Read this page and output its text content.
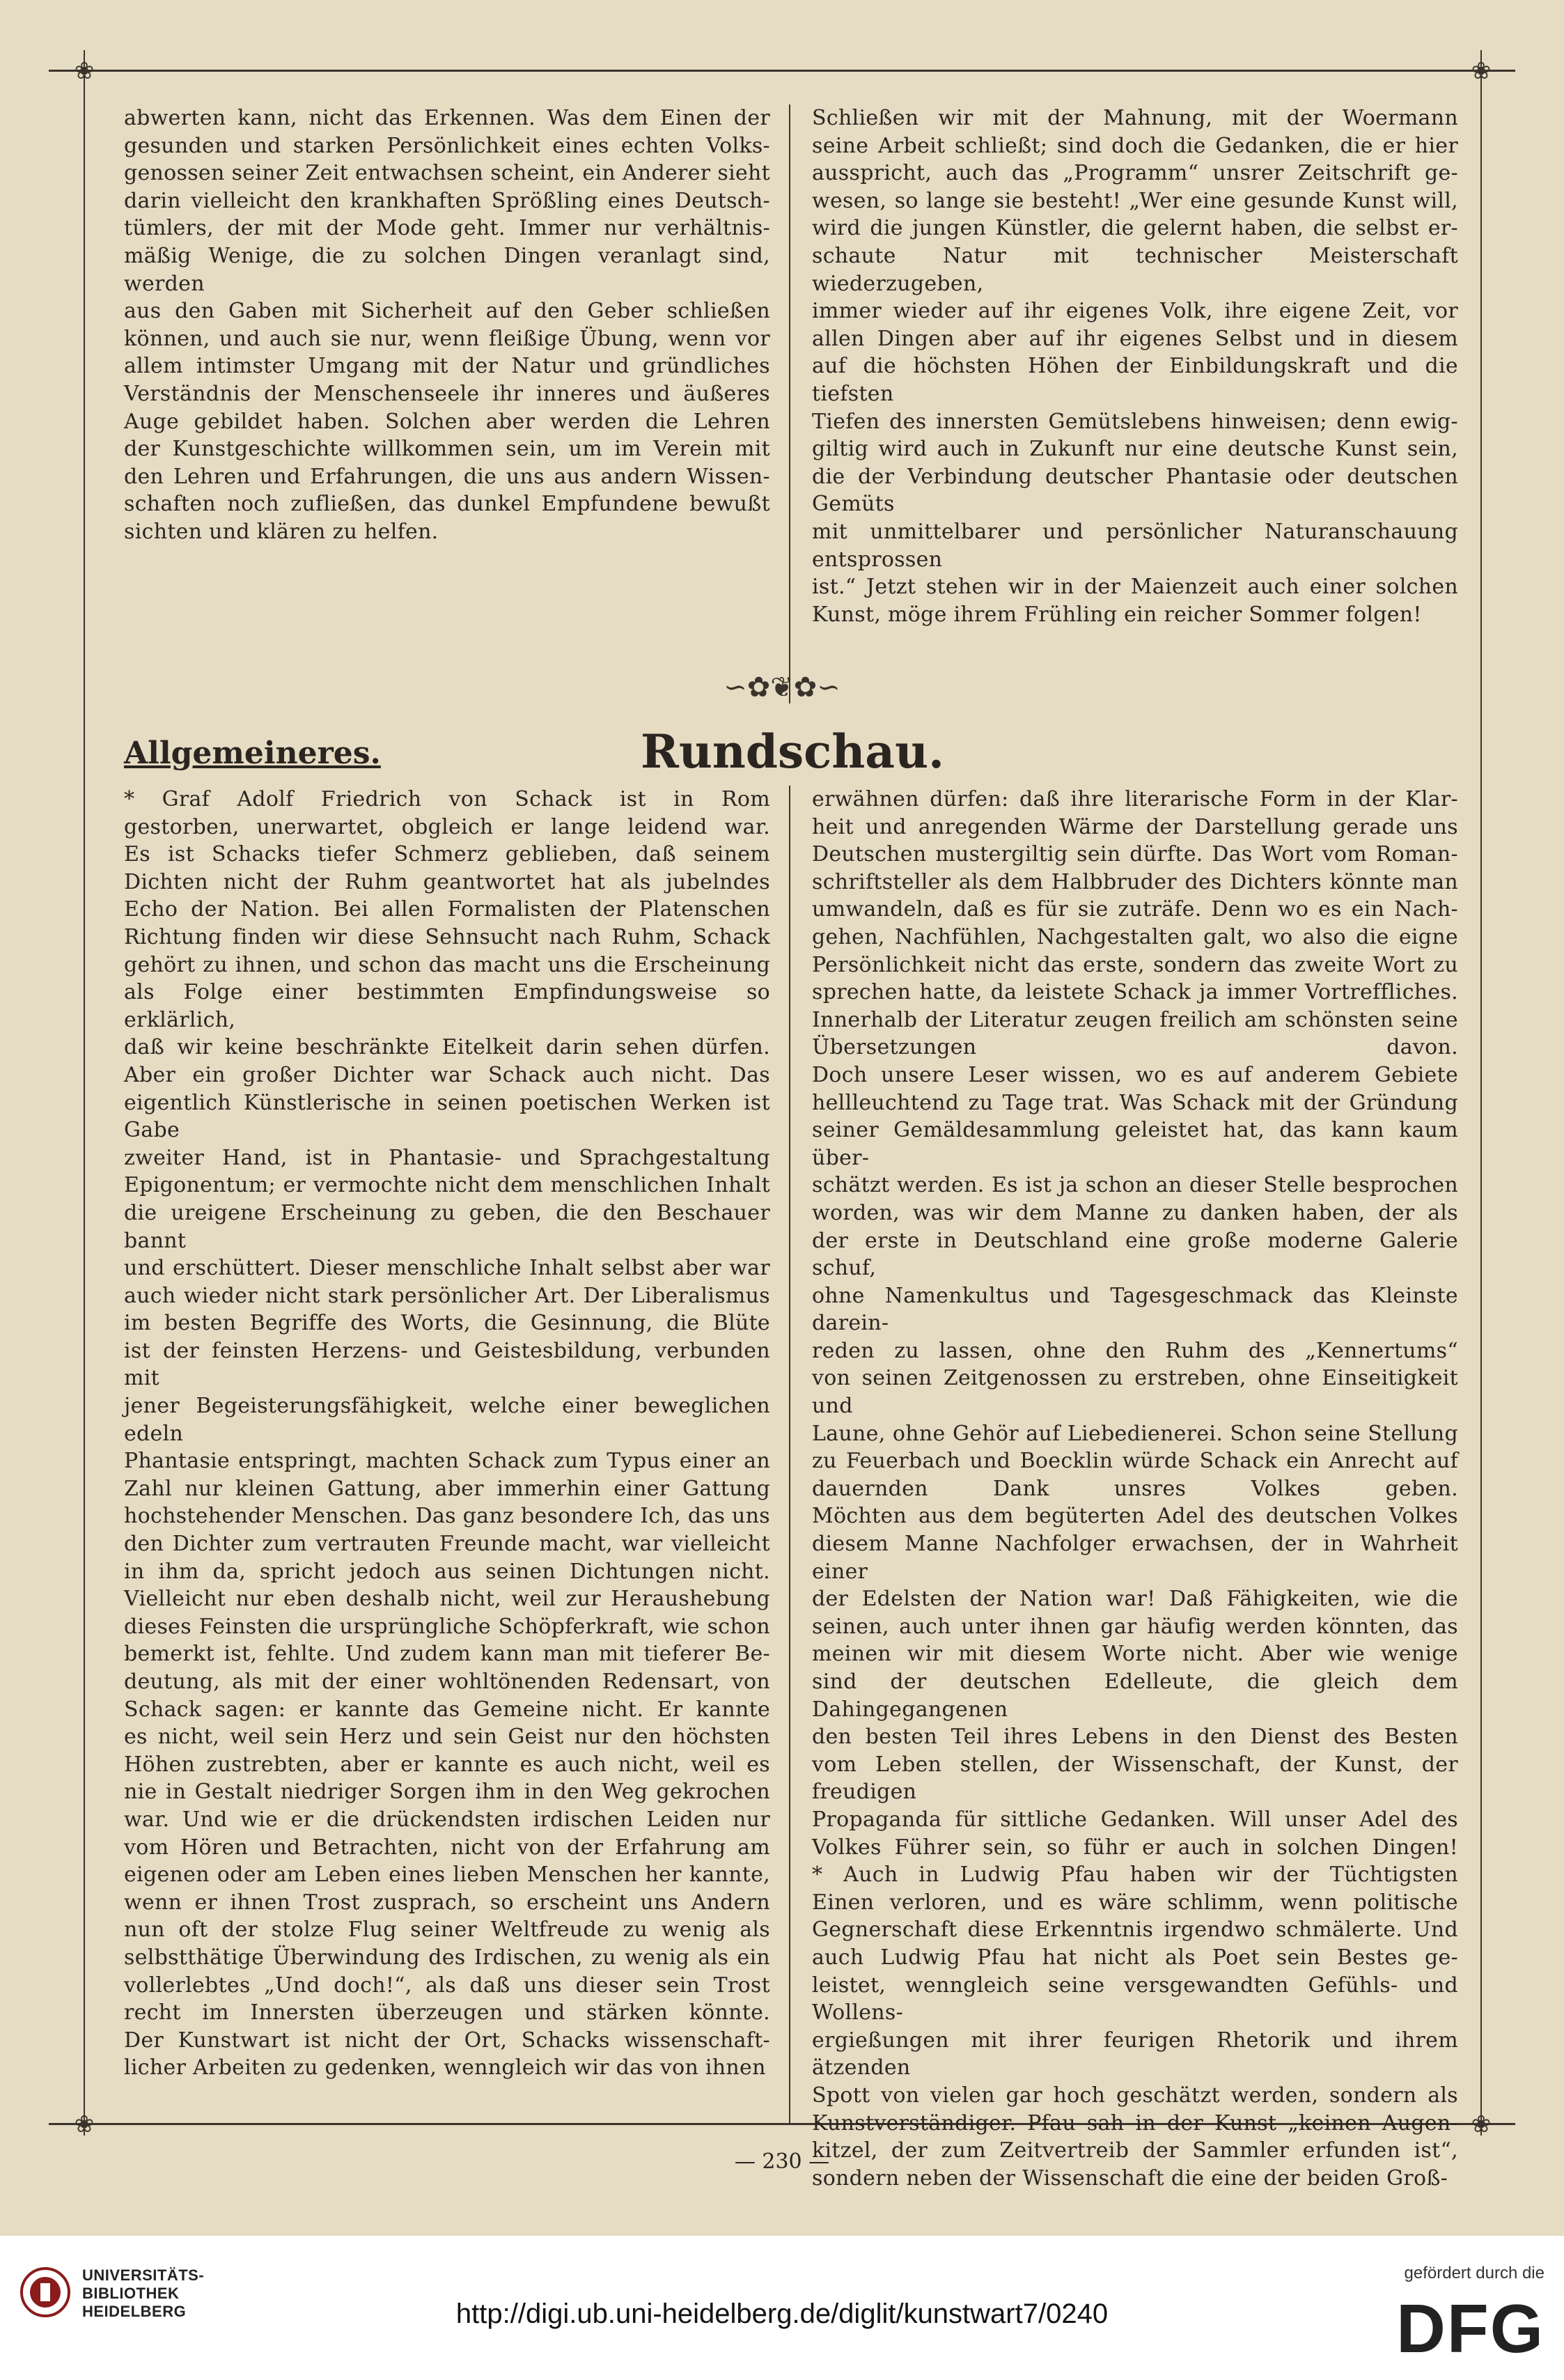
❀	❀
❀	❀

abwerten kann, nicht das Erkennen. Was dem Einen der

gesunden und starken Persönlichkeit eines echten Volks-

genossen seiner Zeit entwachsen scheint, ein Anderer sieht

darin vielleicht den krankhaften Sprößling eines Deutsch-

tümlers, der mit der Mode geht. Immer nur verhältnis-

mäßig Wenige, die zu solchen Dingen veranlagt sind, werden

aus den Gaben mit Sicherheit auf den Geber schließen

können, und auch sie nur, wenn fleißige Übung, wenn vor

allem intimster Umgang mit der Natur und gründliches

Verständnis der Menschenseele ihr inneres und äußeres

Auge gebildet haben. Solchen aber werden die Lehren

der Kunstgeschichte willkommen sein, um im Verein mit

den Lehren und Erfahrungen, die uns aus andern Wissen-

schaften noch zufließen, das dunkel Empfundene bewußt

sichten und klären zu helfen.

Schließen wir mit der Mahnung, mit der Woermann

seine Arbeit schließt; sind doch die Gedanken, die er hier

ausspricht, auch das „Programm“ unsrer Zeitschrift ge-

wesen, so lange sie besteht! „Wer eine gesunde Kunst will,

wird die jungen Künstler, die gelernt haben, die selbst er-

schaute Natur mit technischer Meisterschaft wiederzugeben,

immer wieder auf ihr eigenes Volk, ihre eigene Zeit, vor

allen Dingen aber auf ihr eigenes Selbst und in diesem

auf die höchsten Höhen der Einbildungskraft und die tiefsten

Tiefen des innersten Gemütslebens hinweisen; denn ewig-

giltig wird auch in Zukunft nur eine deutsche Kunst sein,

die der Verbindung deutscher Phantasie oder deutschen Gemüts

mit unmittelbarer und persönlicher Naturanschauung entsprossen

ist.“ Jetzt stehen wir in der Maienzeit auch einer solchen

Kunst, möge ihrem Frühling ein reicher Sommer folgen!

∽✿❦✿∽
Allgemeineres.	Rundschau.

* Graf Adolf Friedrich von Schack ist in Rom

gestorben, unerwartet, obgleich er lange leidend war.

Es ist Schacks tiefer Schmerz geblieben, daß seinem

Dichten nicht der Ruhm geantwortet hat als jubelndes

Echo der Nation. Bei allen Formalisten der Platenschen

Richtung finden wir diese Sehnsucht nach Ruhm, Schack

gehört zu ihnen, und schon das macht uns die Erscheinung

als Folge einer bestimmten Empfindungsweise so erklärlich,

daß wir keine beschränkte Eitelkeit darin sehen dürfen.

Aber ein großer Dichter war Schack auch nicht. Das

eigentlich Künstlerische in seinen poetischen Werken ist Gabe

zweiter Hand, ist in Phantasie- und Sprachgestaltung

Epigonentum; er vermochte nicht dem menschlichen Inhalt

die ureigene Erscheinung zu geben, die den Beschauer bannt

und erschüttert. Dieser menschliche Inhalt selbst aber war

auch wieder nicht stark persönlicher Art. Der Liberalismus

im besten Begriffe des Worts, die Gesinnung, die Blüte

ist der feinsten Herzens- und Geistesbildung, verbunden mit

jener Begeisterungsfähigkeit, welche einer beweglichen edeln

Phantasie entspringt, machten Schack zum Typus einer an

Zahl nur kleinen Gattung, aber immerhin einer Gattung

hochstehender Menschen. Das ganz besondere Ich, das uns

den Dichter zum vertrauten Freunde macht, war vielleicht

in ihm da, spricht jedoch aus seinen Dichtungen nicht.

Vielleicht nur eben deshalb nicht, weil zur Heraushebung

dieses Feinsten die ursprüngliche Schöpferkraft, wie schon

bemerkt ist, fehlte. Und zudem kann man mit tieferer Be-

deutung, als mit der einer wohltönenden Redensart, von

Schack sagen: er kannte das Gemeine nicht. Er kannte

es nicht, weil sein Herz und sein Geist nur den höchsten

Höhen zustrebten, aber er kannte es auch nicht, weil es

nie in Gestalt niedriger Sorgen ihm in den Weg gekrochen

war. Und wie er die drückendsten irdischen Leiden nur

vom Hören und Betrachten, nicht von der Erfahrung am

eigenen oder am Leben eines lieben Menschen her kannte,

wenn er ihnen Trost zusprach, so erscheint uns Andern

nun oft der stolze Flug seiner Weltfreude zu wenig als

selbstthätige Überwindung des Irdischen, zu wenig als ein

vollerlebtes „Und doch!“, als daß uns dieser sein Trost

recht im Innersten überzeugen und stärken könnte.

Der Kunstwart ist nicht der Ort, Schacks wissenschaft-

licher Arbeiten zu gedenken, wenngleich wir das von ihnen

erwähnen dürfen: daß ihre literarische Form in der Klar-

heit und anregenden Wärme der Darstellung gerade uns

Deutschen mustergiltig sein dürfte. Das Wort vom Roman-

schriftsteller als dem Halbbruder des Dichters könnte man

umwandeln, daß es für sie zuträfe. Denn wo es ein Nach-

gehen, Nachfühlen, Nachgestalten galt, wo also die eigne

Persönlichkeit nicht das erste, sondern das zweite Wort zu

sprechen hatte, da leistete Schack ja immer Vortreffliches.

Innerhalb der Literatur zeugen freilich am schönsten seine

Übersetzungen davon.

Doch unsere Leser wissen, wo es auf anderem Gebiete

hellleuchtend zu Tage trat. Was Schack mit der Gründung

seiner Gemäldesammlung geleistet hat, das kann kaum über-

schätzt werden. Es ist ja schon an dieser Stelle besprochen

worden, was wir dem Manne zu danken haben, der als

der erste in Deutschland eine große moderne Galerie schuf,

ohne Namenkultus und Tagesgeschmack das Kleinste darein-

reden zu lassen, ohne den Ruhm des „Kennertums“

von seinen Zeitgenossen zu erstreben, ohne Einseitigkeit und

Laune, ohne Gehör auf Liebedienerei. Schon seine Stellung

zu Feuerbach und Boecklin würde Schack ein Anrecht auf

dauernden Dank unsres Volkes geben.

Möchten aus dem begüterten Adel des deutschen Volkes

diesem Manne Nachfolger erwachsen, der in Wahrheit einer

der Edelsten der Nation war! Daß Fähigkeiten, wie die

seinen, auch unter ihnen gar häufig werden könnten, das

meinen wir mit diesem Worte nicht. Aber wie wenige

sind der deutschen Edelleute, die gleich dem Dahingegangenen

den besten Teil ihres Lebens in den Dienst des Besten

vom Leben stellen, der Wissenschaft, der Kunst, der freudigen

Propaganda für sittliche Gedanken. Will unser Adel des

Volkes Führer sein, so führ er auch in solchen Dingen!

* Auch in Ludwig Pfau haben wir der Tüchtigsten

Einen verloren, und es wäre schlimm, wenn politische

Gegnerschaft diese Erkenntnis irgendwo schmälerte. Und

auch Ludwig Pfau hat nicht als Poet sein Bestes ge-

leistet, wenngleich seine versgewandten Gefühls- und Wollens-

ergießungen mit ihrer feurigen Rhetorik und ihrem ätzenden

Spott von vielen gar hoch geschätzt werden, sondern als

Kunstverständiger. Pfau sah in der Kunst „keinen Augen-

kitzel, der zum Zeitvertreib der Sammler erfunden ist“,

sondern neben der Wissenschaft die eine der beiden Groß-

— 230 —
UNIVERSITÄTS-
BIBLIOTHEK
HEIDELBERG	http://digi.ub.uni-heidelberg.de/diglit/kunstwart7/0240
gefördert durch die
DFG
